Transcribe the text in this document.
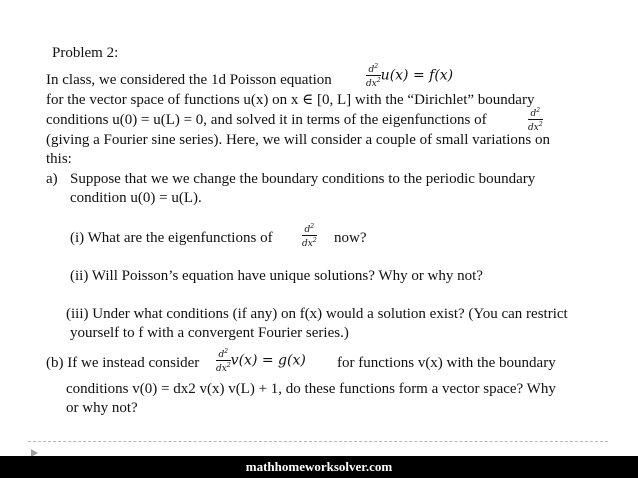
Problem 2:
In class, we considered the 1d Poisson equation	$\frac{d^2}{dx^2} u(x) = f(x)$
for the vector space of functions u(x) on x ∈ [0, L] with the “Dirichlet” boundary
conditions u(0) = u(L) = 0, and solved it in terms of the eigenfunctions of	$\frac{d^2}{dx^2}$
(giving a Fourier sine series). Here, we will consider a couple of small variations on
this:
a) Suppose that we we change the boundary conditions to the periodic boundary
condition u(0) = u(L).
(i) What are the eigenfunctions of	$\frac{d^2}{dx^2}$ now?
(ii) Will Poisson’s equation have unique solutions? Why or why not?
(iii) Under what conditions (if any) on f(x) would a solution exist? (You can restrict
yourself to f with a convergent Fourier series.)
(b) If we instead consider $\frac{d^2}{dx^2} v(x) = g(x)$ for functions v(x) with the boundary
conditions v(0) = dx2 v(x) v(L) + 1, do these functions form a vector space? Why
or why not?
mathhomeworksolver.com
